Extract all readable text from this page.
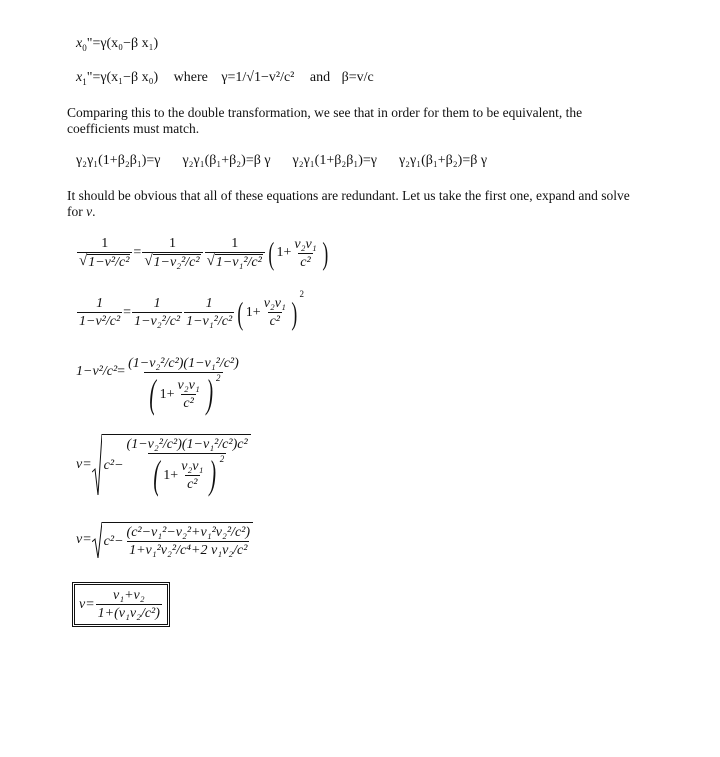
$x_0"=\gamma(x_0-\beta$ x₁)
$x_1"=\gamma(x_1-\beta$ x₀) where γ=1/√1−v²/c² and β=v/c
Comparing this to the double transformation, we see that in order for them to be equivalent, the coefficients must match.
γ₂γ₁(1+β₂β₁)=γ γ₂γ₁(β₁+β₂)=β γ γ₂γ₁(1+β₂β₁)=γ γ₂γ₁(β₁+β₂)=β γ
It should be obvious that all of these equations are redundant. Let us take the first one, expand and solve for v.
$\frac{1}{\text{√ 1−v²/c²}} = \frac{1}{\text{√ 1−v₂²/c²}} \frac{1}{\text{√ 1−v₁²/c²}}$ ( $1+ \frac{\text{v₂v₁}}{\text{c²}}$ )
$\frac{1}{\text{1−v²/c²}} = \frac{1}{\text{1−v₂²/c²}} \frac{1}{\text{1−v₁²/c²}}$ ( $1+ \frac{\text{v₂v₁}}{\text{c²}}$ )
2
$1-v^2/c^2 = \frac{\text{(1−v₂²/c²)(1−v₁²/c²)}}{( 1+ \frac{\text{v₂v₁}}{\text{c²}} ) 2}$
v= c²−
(1−v₂²/c²)(1−v₁²/c²)c²
( $1+ \frac{\text{v₂v₁}}{\text{c²}}$ ) 2
$v= c^2- \frac{\text{(c²−v₁²−v₂²+v₁²v₂²/c²)}}{\text{1+v₁²v₂²/c⁴+2 v₁v₂/c²}}$
$v= \frac{\text{v₁+v₂}}{\text{1+(v₁v₂/c²)}}$
